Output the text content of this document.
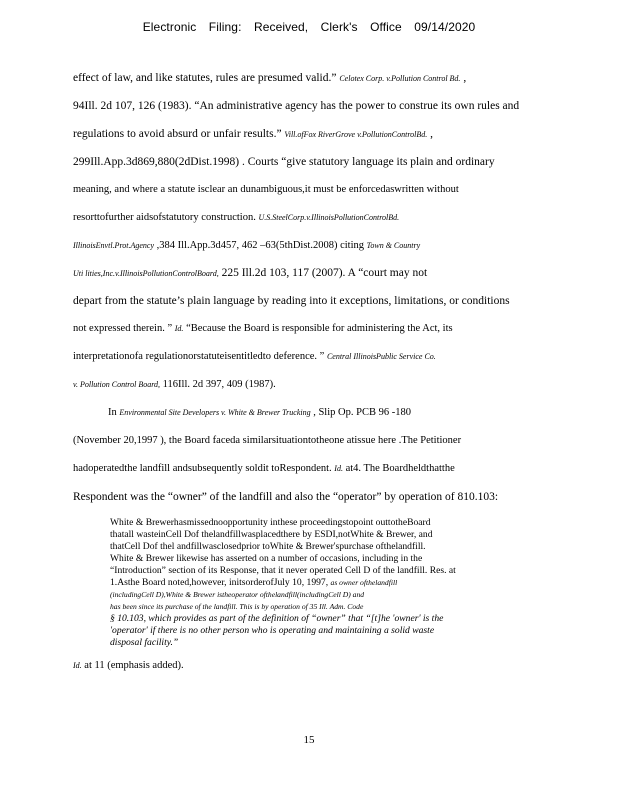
Electronic Filing: Received, Clerk's Office 09/14/2020
effect of law, and like statutes, rules are presumed valid.” Celotex Corp. v.Pollution Control Bd. ,
94Ill. 2d 107, 126 (1983). “An administrative agency has the power to construe its own rules and
regulations to avoid absurd or unfair results.” Vill.ofFox RiverGrove v.PollutionControlBd. ,
299Ill.App.3d869,880(2dDist.1998) . Courts “give statutory language its plain and ordinary
meaning, and where a statute isclear an dunambiguous,it must be enforcedaswritten without
resorttofurther aidsofstatutory construction. U.S.SteelCorp.v.IllinoisPollutionControlBd.
IllinoisEnvtl.Prot.Agency ,384 Ill.App.3d457, 462 –63(5thDist.2008) citing Town & Country
Uti lities,Inc.v.IllinoisPollutionControlBoard, 225 Ill.2d 103, 117 (2007). A “court may not
depart from the statute’s plain language by reading into it exceptions, limitations, or conditions
not expressed therein. ” Id. “Because the Board is responsible for administering the Act, its
interpretationofa regulationorstatuteisentitledto deference. ” Central IllinoisPublic Service Co.
v. Pollution Control Board, 116Ill. 2d 397, 409 (1987).
In Environmental Site Developers v. White & Brewer Trucking , Slip Op. PCB 96 -180
(November 20,1997 ), the Board faceda similarsituationtotheone atissue here .The Petitioner
hadoperatedthe landfill andsubsequently soldit toRespondent. Id. at4. The Boardheldthatthe
Respondent was the “owner” of the landfill and also the “operator” by operation of 810.103:
White & Brewerhasmissednoopportunity inthese proceedingstopoint outtotheBoard
thatall wasteinCell Dof thelandfillwasplacedthere by ESDI,notWhite & Brewer, and
thatCell Dof thel andfillwasclosedprior toWhite & Brewer'spurchase ofthelandfill.
White & Brewer likewise has asserted on a number of occasions, including in the
“Introduction” section of its Response, that it never operated Cell D of the landfill. Res. at
1.Asthe Board noted,however, initsorderofJuly 10, 1997, as owner ofthelandfill
(includingCell D),White & Brewer istheoperator ofthelandfill(includingCell D) and
has been since its purchase of the landfill. This is by operation of 35 Ill. Adm. Code
§ 10.103, which provides as part of the definition of “owner” that “[t]he 'owner' is the
'operator' if there is no other person who is operating and maintaining a solid waste
disposal facility.”
Id. at 11 (emphasis added).
15
